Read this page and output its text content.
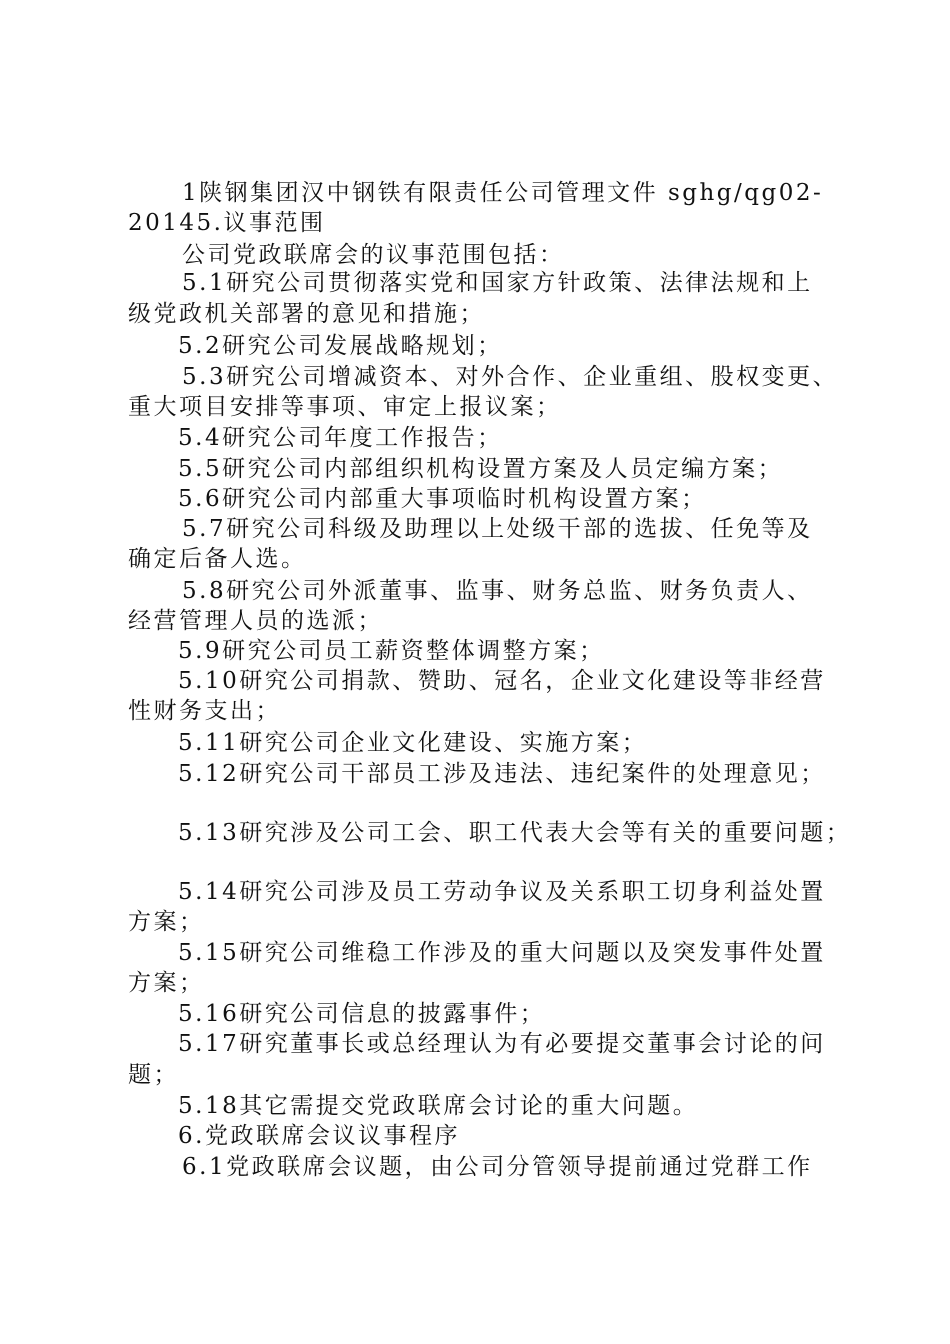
1陕钢集团汉中钢铁有限责任公司管理文件 sghg/qg02-
20145.议事范围
公司党政联席会的议事范围包括：
5.1研究公司贯彻落实党和国家方针政策、法律法规和上
级党政机关部署的意见和措施；
5.2研究公司发展战略规划；
5.3研究公司增减资本、对外合作、企业重组、股权变更、
重大项目安排等事项、审定上报议案；
5.4研究公司年度工作报告；
5.5研究公司内部组织机构设置方案及人员定编方案；
5.6研究公司内部重大事项临时机构设置方案；
5.7研究公司科级及助理以上处级干部的选拔、任免等及
确定后备人选。
5.8研究公司外派董事、监事、财务总监、财务负责人、
经营管理人员的选派；
5.9研究公司员工薪资整体调整方案；
5.10研究公司捐款、赞助、冠名，企业文化建设等非经营
性财务支出；
5.11研究公司企业文化建设、实施方案；
5.12研究公司干部员工涉及违法、违纪案件的处理意见；
5.13研究涉及公司工会、职工代表大会等有关的重要问题；
5.14研究公司涉及员工劳动争议及关系职工切身利益处置
方案；
5.15研究公司维稳工作涉及的重大问题以及突发事件处置
方案；
5.16研究公司信息的披露事件；
5.17研究董事长或总经理认为有必要提交董事会讨论的问
题；
5.18其它需提交党政联席会讨论的重大问题。
6.党政联席会议议事程序
6.1党政联席会议题，由公司分管领导提前通过党群工作
